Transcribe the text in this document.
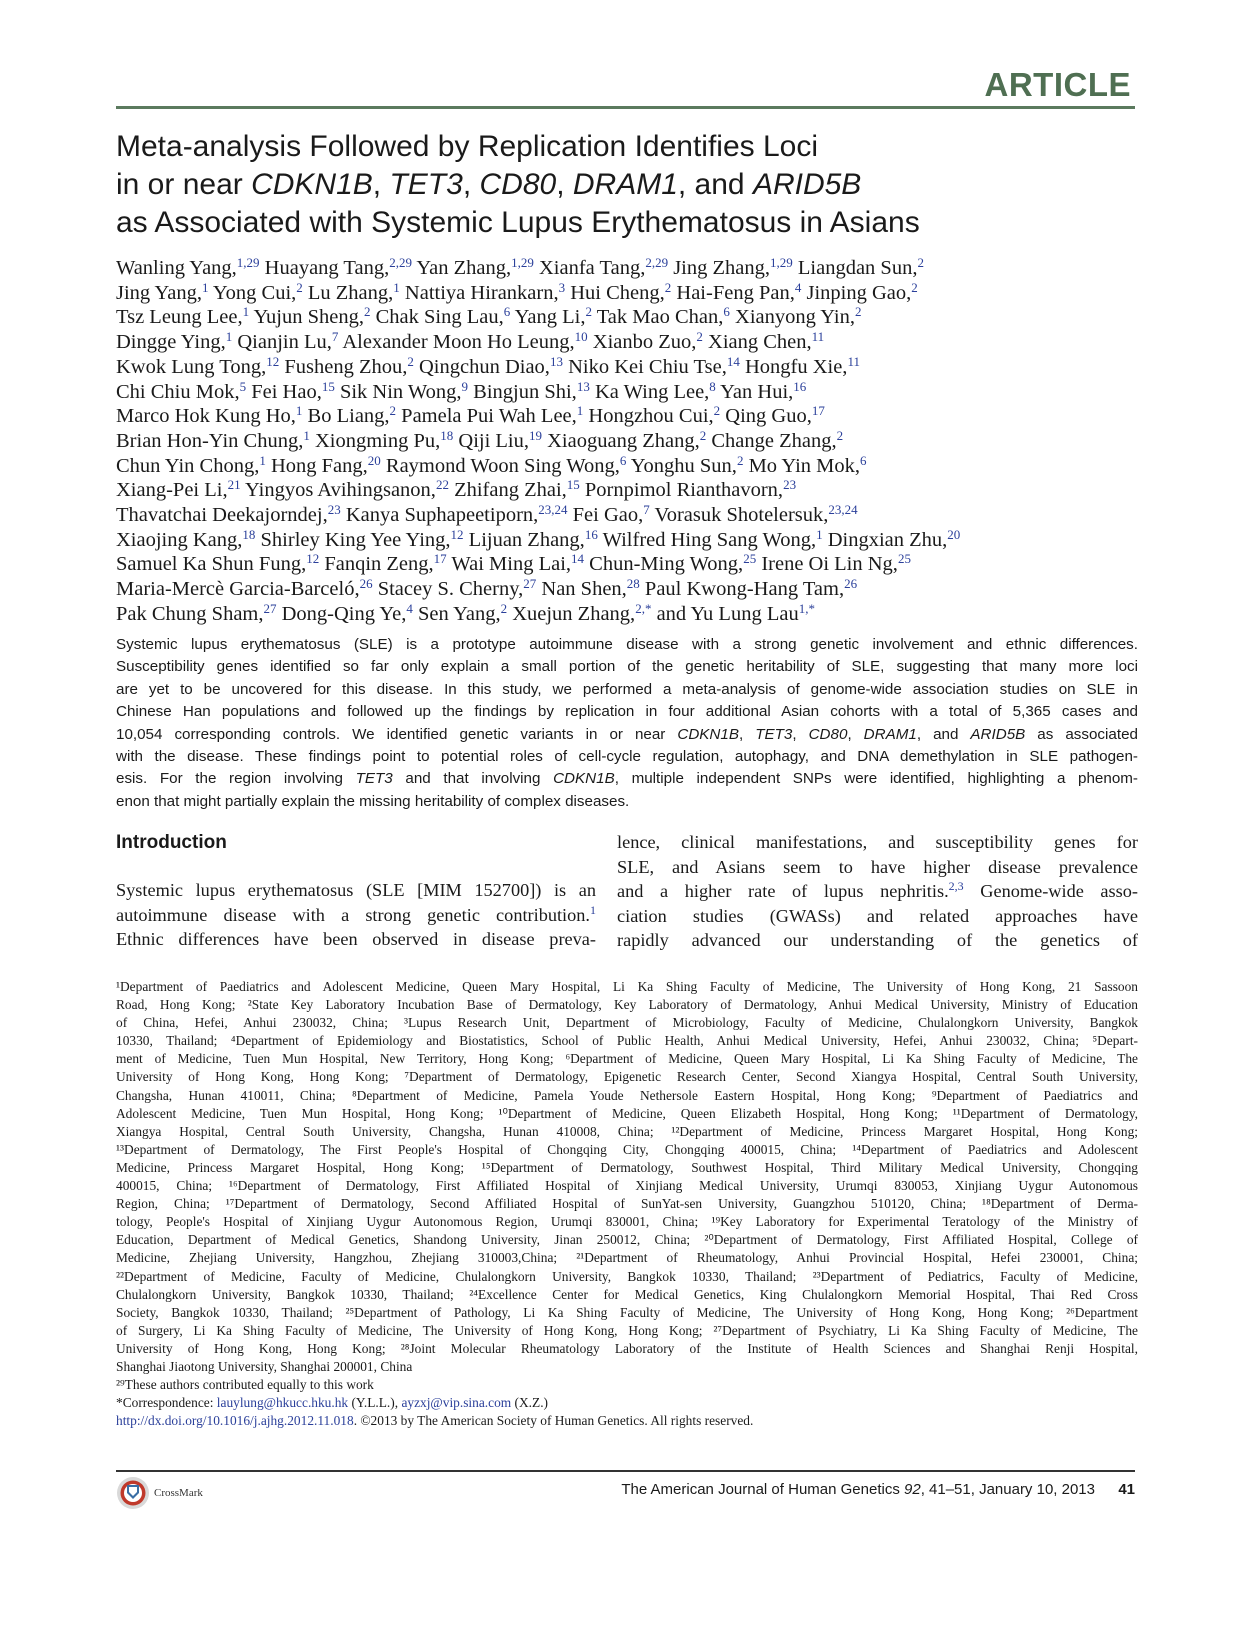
ARTICLE
Meta-analysis Followed by Replication Identifies Loci
in or near CDKN1B, TET3, CD80, DRAM1, and ARID5B
as Associated with Systemic Lupus Erythematosus in Asians
Wanling Yang,$^{1,29}$ Huayang Tang,$^{2,29}$ Yan Zhang,$^{1,29}$ Xianfa Tang,$^{2,29}$ Jing Zhang,$^{1,29}$ Liangdan Sun,$^2$
Jing Yang,$^1$ Yong Cui,$^2$ Lu Zhang,$^1$ Nattiya Hirankarn,$^3$ Hui Cheng,$^2$ Hai-Feng Pan,$^4$ Jinping Gao,$^2$
Tsz Leung Lee,$^1$ Yujun Sheng,$^2$ Chak Sing Lau,$^6$ Yang Li,$^2$ Tak Mao Chan,$^6$ Xianyong Yin,$^2$
Dingge Ying,$^1$ Qianjin Lu,$^7$ Alexander Moon Ho Leung,$^{10}$ Xianbo Zuo,$^2$ Xiang Chen,$^{11}$
Kwok Lung Tong,$^{12}$ Fusheng Zhou,$^2$ Qingchun Diao,$^{13}$ Niko Kei Chiu Tse,$^{14}$ Hongfu Xie,$^{11}$
Chi Chiu Mok,$^5$ Fei Hao,$^{15}$ Sik Nin Wong,$^9$ Bingjun Shi,$^{13}$ Ka Wing Lee,$^8$ Yan Hui,$^{16}$
Marco Hok Kung Ho,$^1$ Bo Liang,$^2$ Pamela Pui Wah Lee,$^1$ Hongzhou Cui,$^2$ Qing Guo,$^{17}$
Brian Hon-Yin Chung,$^1$ Xiongming Pu,$^{18}$ Qiji Liu,$^{19}$ Xiaoguang Zhang,$^2$ Change Zhang,$^2$
Chun Yin Chong,$^1$ Hong Fang,$^{20}$ Raymond Woon Sing Wong,$^6$ Yonghu Sun,$^2$ Mo Yin Mok,$^6$
Xiang-Pei Li,$^{21}$ Yingyos Avihingsanon,$^{22}$ Zhifang Zhai,$^{15}$ Pornpimol Rianthavorn,$^{23}$
Thavatchai Deekajorndej,$^{23}$ Kanya Suphapeetiporn,$^{23,24}$ Fei Gao,$^7$ Vorasuk Shotelersuk,$^{23,24}$
Xiaojing Kang,$^{18}$ Shirley King Yee Ying,$^{12}$ Lijuan Zhang,$^{16}$ Wilfred Hing Sang Wong,$^1$ Dingxian Zhu,$^{20}$
Samuel Ka Shun Fung,$^{12}$ Fanqin Zeng,$^{17}$ Wai Ming Lai,$^{14}$ Chun-Ming Wong,$^{25}$ Irene Oi Lin Ng,$^{25}$
Maria-Mercè Garcia-Barceló,$^{26}$ Stacey S. Cherny,$^{27}$ Nan Shen,$^{28}$ Paul Kwong-Hang Tam,$^{26}$
Pak Chung Sham,$^{27}$ Dong-Qing Ye,$^4$ Sen Yang,$^2$ Xuejun Zhang,$^{2,*}$ and Yu Lung Lau$^{1,*}$
Systemic lupus erythematosus (SLE) is a prototype autoimmune disease with a strong genetic involvement and ethnic differences.
Susceptibility genes identified so far only explain a small portion of the genetic heritability of SLE, suggesting that many more loci
are yet to be uncovered for this disease. In this study, we performed a meta-analysis of genome-wide association studies on SLE in
Chinese Han populations and followed up the findings by replication in four additional Asian cohorts with a total of 5,365 cases and
10,054 corresponding controls. We identified genetic variants in or near CDKN1B, TET3, CD80, DRAM1, and ARID5B as associated
with the disease. These findings point to potential roles of cell-cycle regulation, autophagy, and DNA demethylation in SLE pathogen-
esis. For the region involving TET3 and that involving CDKN1B, multiple independent SNPs were identified, highlighting a phenom-
enon that might partially explain the missing heritability of complex diseases.
Introduction
Systemic lupus erythematosus (SLE [MIM 152700]) is an
autoimmune disease with a strong genetic contribution.$^1$
Ethnic differences have been observed in disease preva-
lence, clinical manifestations, and susceptibility genes for
SLE, and Asians seem to have higher disease prevalence
and a higher rate of lupus nephritis.$^{2,3}$ Genome-wide asso-
ciation studies (GWASs) and related approaches have
rapidly advanced our understanding of the genetics of
¹Department of Paediatrics and Adolescent Medicine, Queen Mary Hospital, Li Ka Shing Faculty of Medicine, The University of Hong Kong, 21 Sassoon
Road, Hong Kong; ²State Key Laboratory Incubation Base of Dermatology, Key Laboratory of Dermatology, Anhui Medical University, Ministry of Education
of China, Hefei, Anhui 230032, China; ³Lupus Research Unit, Department of Microbiology, Faculty of Medicine, Chulalongkorn University, Bangkok
10330, Thailand; ⁴Department of Epidemiology and Biostatistics, School of Public Health, Anhui Medical University, Hefei, Anhui 230032, China; ⁵Depart-
ment of Medicine, Tuen Mun Hospital, New Territory, Hong Kong; ⁶Department of Medicine, Queen Mary Hospital, Li Ka Shing Faculty of Medicine, The
University of Hong Kong, Hong Kong; ⁷Department of Dermatology, Epigenetic Research Center, Second Xiangya Hospital, Central South University,
Changsha, Hunan 410011, China; ⁸Department of Medicine, Pamela Youde Nethersole Eastern Hospital, Hong Kong; ⁹Department of Paediatrics and
Adolescent Medicine, Tuen Mun Hospital, Hong Kong; ¹⁰Department of Medicine, Queen Elizabeth Hospital, Hong Kong; ¹¹Department of Dermatology,
Xiangya Hospital, Central South University, Changsha, Hunan 410008, China; ¹²Department of Medicine, Princess Margaret Hospital, Hong Kong;
¹³Department of Dermatology, The First People's Hospital of Chongqing City, Chongqing 400015, China; ¹⁴Department of Paediatrics and Adolescent
Medicine, Princess Margaret Hospital, Hong Kong; ¹⁵Department of Dermatology, Southwest Hospital, Third Military Medical University, Chongqing
400015, China; ¹⁶Department of Dermatology, First Affiliated Hospital of Xinjiang Medical University, Urumqi 830053, Xinjiang Uygur Autonomous
Region, China; ¹⁷Department of Dermatology, Second Affiliated Hospital of SunYat-sen University, Guangzhou 510120, China; ¹⁸Department of Derma-
tology, People's Hospital of Xinjiang Uygur Autonomous Region, Urumqi 830001, China; ¹⁹Key Laboratory for Experimental Teratology of the Ministry of
Education, Department of Medical Genetics, Shandong University, Jinan 250012, China; ²⁰Department of Dermatology, First Affiliated Hospital, College of
Medicine, Zhejiang University, Hangzhou, Zhejiang 310003,China; ²¹Department of Rheumatology, Anhui Provincial Hospital, Hefei 230001, China;
²²Department of Medicine, Faculty of Medicine, Chulalongkorn University, Bangkok 10330, Thailand; ²³Department of Pediatrics, Faculty of Medicine,
Chulalongkorn University, Bangkok 10330, Thailand; ²⁴Excellence Center for Medical Genetics, King Chulalongkorn Memorial Hospital, Thai Red Cross
Society, Bangkok 10330, Thailand; ²⁵Department of Pathology, Li Ka Shing Faculty of Medicine, The University of Hong Kong, Hong Kong; ²⁶Department
of Surgery, Li Ka Shing Faculty of Medicine, The University of Hong Kong, Hong Kong; ²⁷Department of Psychiatry, Li Ka Shing Faculty of Medicine, The
University of Hong Kong, Hong Kong; ²⁸Joint Molecular Rheumatology Laboratory of the Institute of Health Sciences and Shanghai Renji Hospital,
Shanghai Jiaotong University, Shanghai 200001, China
²⁹These authors contributed equally to this work
*Correspondence: lauylung@hkucc.hku.hk (Y.L.L.), ayzxj@vip.sina.com (X.Z.)
http://dx.doi.org/10.1016/j.ajhg.2012.11.018. ©2013 by The American Society of Human Genetics. All rights reserved.
CrossMark	The American Journal of Human Genetics 92, 41–51, January 10, 2013 41
